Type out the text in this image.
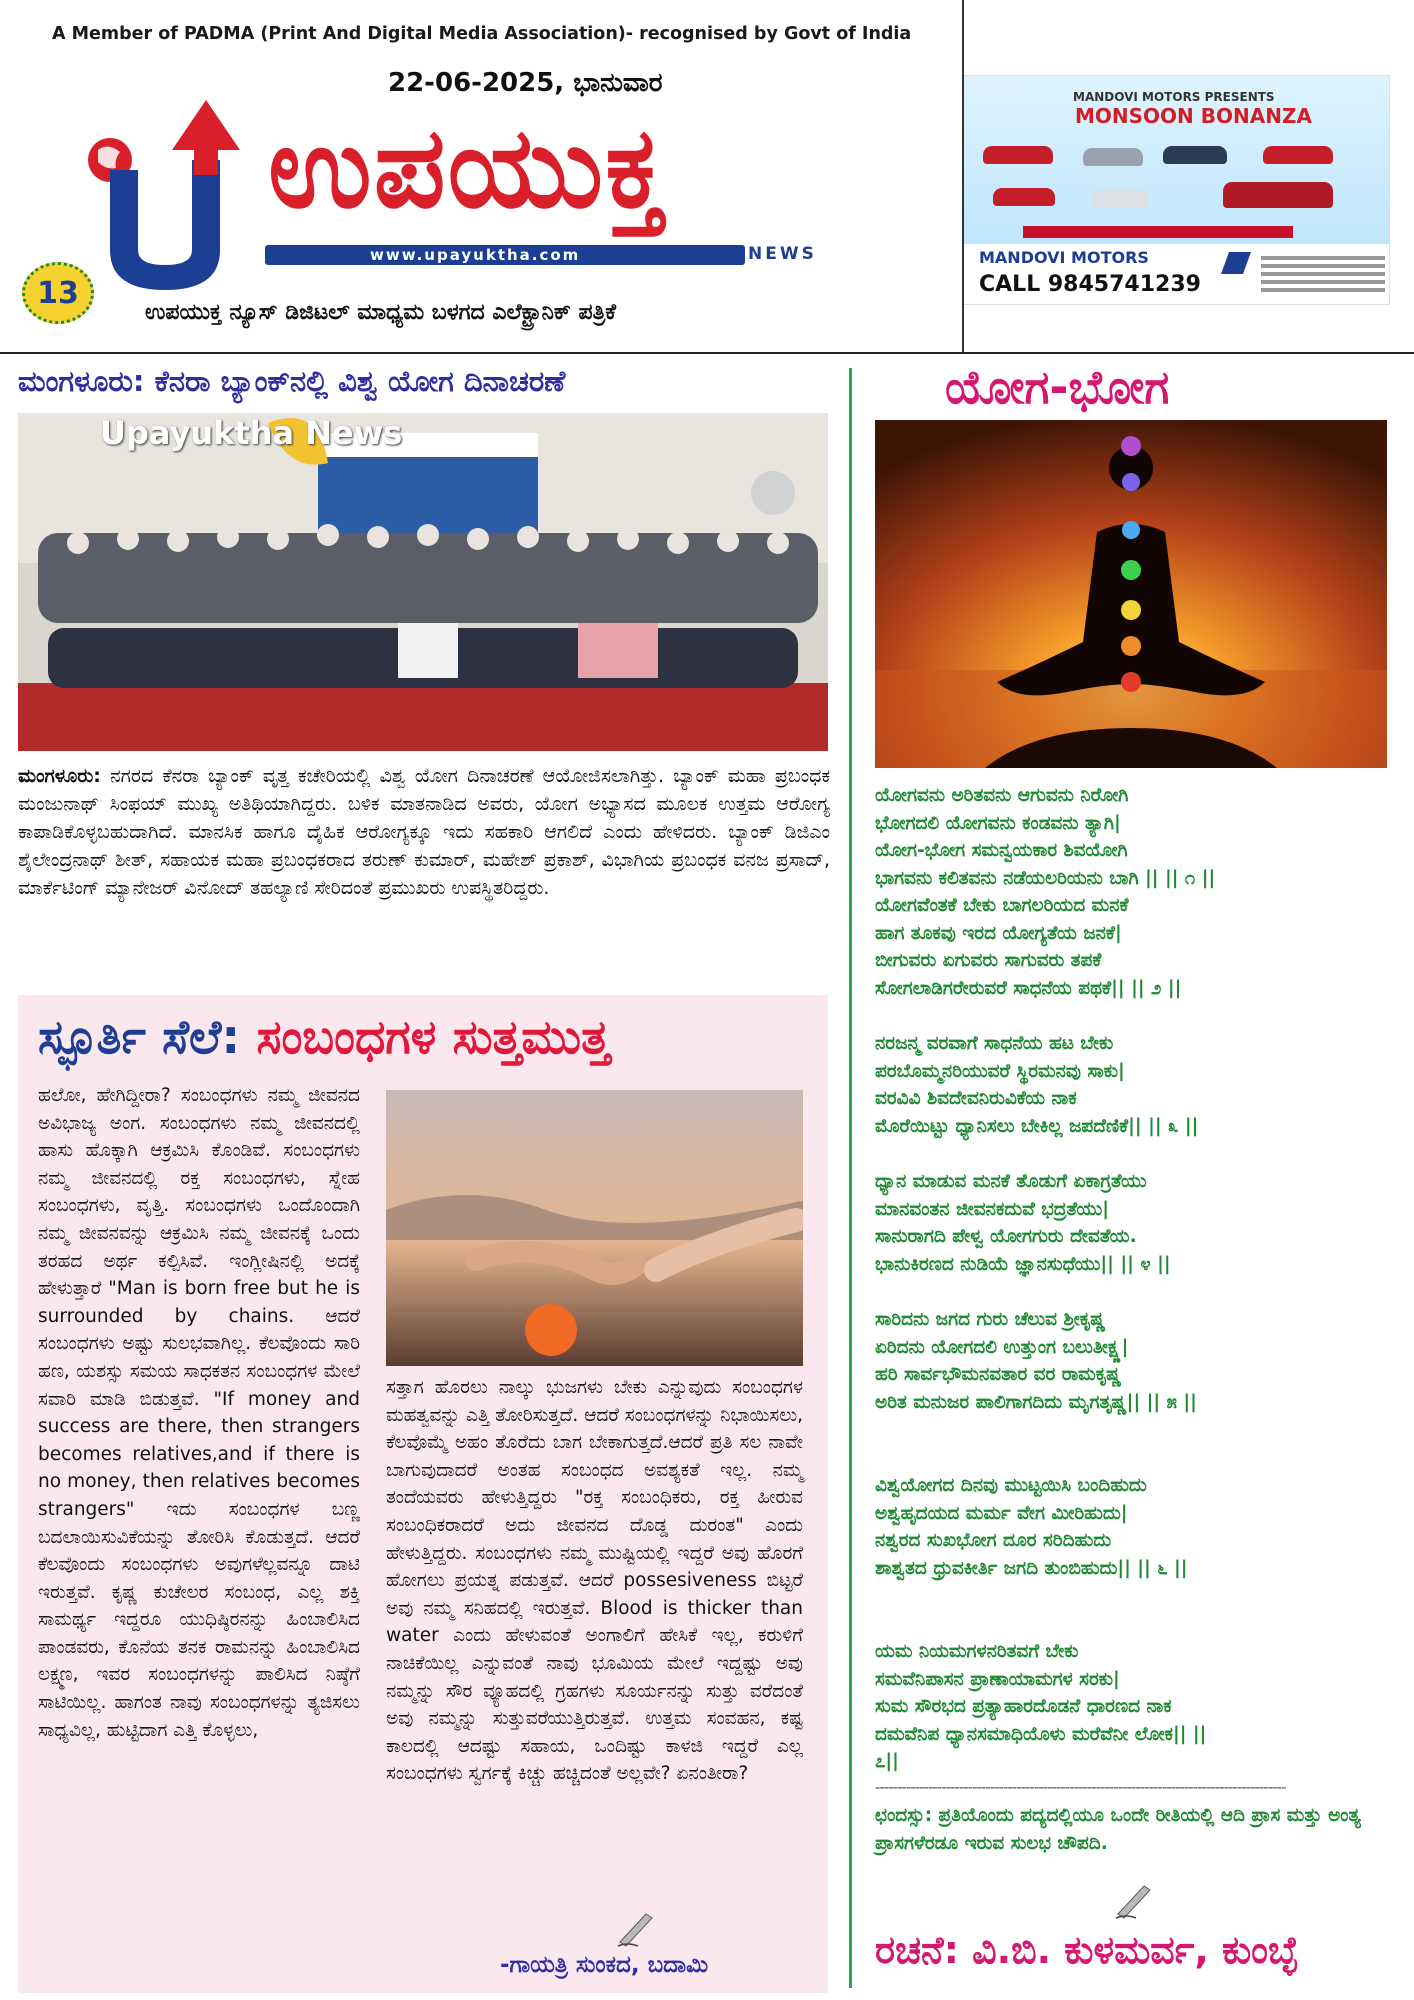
A Member of PADMA (Print And Digital Media Association)- recognised by Govt of India
22-06-2025, ಭಾನುವಾರ
ಉಪಯುಕ್ತ
www.upayuktha.com	NEWS
13
ಉಪಯುಕ್ತ ನ್ಯೂಸ್ ಡಿಜಿಟಲ್ ಮಾಧ್ಯಮ ಬಳಗದ ಎಲೆಕ್ಟ್ರಾನಿಕ್ ಪತ್ರಿಕೆ
MANDOVI MOTORS PRESENTS
MONSOON BONANZA
MANDOVI MOTORS
CALL 9845741239
ಮಂಗಳೂರು: ಕೆನರಾ ಬ್ಯಾಂಕ್‌ನಲ್ಲಿ ವಿಶ್ವ ಯೋಗ ದಿನಾಚರಣೆ
Upayuktha News

ಮಂಗಳೂರು: ನಗರದ ಕೆನರಾ ಬ್ಯಾಂಕ್ ವೃತ್ತ ಕಚೇರಿಯಲ್ಲಿ ವಿಶ್ವ ಯೋಗ ದಿನಾಚರಣೆ ಆಯೋಜಿಸಲಾಗಿತ್ತು. ಬ್ಯಾಂಕ್ ಮಹಾ ಪ್ರಬಂಧಕ ಮಂಜುನಾಥ್ ಸಿಂಫಯ್ ಮುಖ್ಯ ಅತಿಥಿಯಾಗಿದ್ದರು. ಬಳಿಕ ಮಾತನಾಡಿದ ಅವರು, ಯೋಗ ಅಭ್ಯಾಸದ ಮೂಲಕ ಉತ್ತಮ ಆರೋಗ್ಯ ಕಾಪಾಡಿಕೊಳ್ಳಬಹುದಾಗಿದೆ. ಮಾನಸಿಕ ಹಾಗೂ ದೈಹಿಕ ಆರೋಗ್ಯಕ್ಕೂ ಇದು ಸಹಕಾರಿ ಆಗಲಿದೆ ಎಂದು ಹೇಳಿದರು. ಬ್ಯಾಂಕ್ ಡಿಜಿಎಂ ಶೈಲೇಂದ್ರನಾಥ್ ಶೀತ್, ಸಹಾಯಕ ಮಹಾ ಪ್ರಬಂಧಕರಾದ ತರುಣ್ ಕುಮಾರ್, ಮಹೇಶ್ ಪ್ರಕಾಶ್, ವಿಭಾಗಿಯ ಪ್ರಬಂಧಕ ವನಜ ಪ್ರಸಾದ್, ಮಾರ್ಕೆಟಿಂಗ್ ಮ್ಯಾನೇಜರ್ ವಿನೋದ್ ತಹಲ್ಯಾಣಿ ಸೇರಿದಂತೆ ಪ್ರಮುಖರು ಉಪಸ್ಥಿತರಿದ್ದರು.

ಸ್ಫೂರ್ತಿ ಸೆಲೆ: ಸಂಬಂಧಗಳ ಸುತ್ತಮುತ್ತ
ಹಲೋ, ಹೇಗಿದ್ದೀರಾ? ಸಂಬಂಧಗಳು ನಮ್ಮ ಜೀವನದ ಅವಿಭಾಜ್ಯ ಅಂಗ. ಸಂಬಂಧಗಳು ನಮ್ಮ ಜೀವನದಲ್ಲಿ ಹಾಸು ಹೊಕ್ಕಾಗಿ ಆಕ್ರಮಿಸಿ ಕೊಂಡಿವೆ. ಸಂಬಂಧಗಳು ನಮ್ಮ ಜೀವನದಲ್ಲಿ ರಕ್ತ ಸಂಬಂಧಗಳು, ಸ್ನೇಹ ಸಂಬಂಧಗಳು, ವೃತ್ತಿ. ಸಂಬಂಧಗಳು ಒಂದೊಂದಾಗಿ ನಮ್ಮ ಜೀವನವನ್ನು ಆಕ್ರಮಿಸಿ ನಮ್ಮ ಜೀವನಕ್ಕೆ ಒಂದು ತರಹದ ಅರ್ಥ ಕಲ್ಪಿಸಿವೆ. ಇಂಗ್ಲೀಷಿನಲ್ಲಿ ಅದಕ್ಕೆ ಹೇಳುತ್ತಾರೆ "Man is born free but he is surrounded by chains. ಆದರೆ ಸಂಬಂಧಗಳು ಅಷ್ಟು ಸುಲಭವಾಗಿಲ್ಲ. ಕೆಲವೊಂದು ಸಾರಿ ಹಣ, ಯಶಸ್ಸು ಸಮಯ ಸಾಧಕತನ ಸಂಬಂಧಗಳ ಮೇಲೆ ಸವಾರಿ ಮಾಡಿ ಬಿಡುತ್ತವೆ. "If money and success are there, then strangers becomes relatives,and if there is no money, then relatives becomes strangers" ಇದು ಸಂಬಂಧಗಳ ಬಣ್ಣ ಬದಲಾಯಿಸುವಿಕೆಯನ್ನು ತೋರಿಸಿ ಕೊಡುತ್ತದೆ. ಆದರೆ ಕೆಲವೊಂದು ಸಂಬಂಧಗಳು ಅವುಗಳೆಲ್ಲವನ್ನೂ ದಾಟಿ ಇರುತ್ತವೆ. ಕೃಷ್ಣ ಕುಚೇಲರ ಸಂಬಂಧ, ಎಲ್ಲ ಶಕ್ತಿ ಸಾಮರ್ಥ್ಯ ಇದ್ದರೂ ಯುಧಿಷ್ಠಿರನನ್ನು ಹಿಂಬಾಲಿಸಿದ ಪಾಂಡವರು, ಕೊನೆಯ ತನಕ ರಾಮನನ್ನು ಹಿಂಬಾಲಿಸಿದ ಲಕ್ಷ್ಮಣ, ಇವರ ಸಂಬಂಧಗಳನ್ನು ಪಾಲಿಸಿದ ನಿಷ್ಠೆಗೆ ಸಾಟಿಯಿಲ್ಲ. ಹಾಗಂತ ನಾವು ಸಂಬಂಧಗಳನ್ನು ತ್ಯಜಿಸಲು ಸಾಧ್ಯವಿಲ್ಲ, ಹುಟ್ಟಿದಾಗ ಎತ್ತಿ ಕೊಳ್ಳಲು,
ಸತ್ತಾಗ ಹೊರಲು ನಾಲ್ಕು ಭುಜಗಳು ಬೇಕು ಎನ್ನುವುದು ಸಂಬಂಧಗಳ ಮಹತ್ವವನ್ನು ಎತ್ತಿ ತೋರಿಸುತ್ತದೆ. ಆದರೆ ಸಂಬಂಧಗಳನ್ನು ನಿಭಾಯಿಸಲು, ಕೆಲವೊಮ್ಮೆ ಅಹಂ ತೊರೆದು ಬಾಗ ಬೇಕಾಗುತ್ತದೆ.ಆದರೆ ಪ್ರತಿ ಸಲ ನಾವೇ ಬಾಗುವುದಾದರೆ ಅಂತಹ ಸಂಬಂಧದ ಅವಶ್ಯಕತೆ ಇಲ್ಲ. ನಮ್ಮ ತಂದೆಯವರು ಹೇಳುತ್ತಿದ್ದರು "ರಕ್ತ ಸಂಬಂಧಿಕರು, ರಕ್ತ ಹೀರುವ ಸಂಬಂಧಿಕರಾದರೆ ಅದು ಜೀವನದ ದೊಡ್ಡ ದುರಂತ" ಎಂದು ಹೇಳುತ್ತಿದ್ದರು. ಸಂಬಂಧಗಳು ನಮ್ಮ ಮುಷ್ಟಿಯಲ್ಲಿ ಇದ್ದರೆ ಅವು ಹೊರಗೆ ಹೋಗಲು ಪ್ರಯತ್ನ ಪಡುತ್ತವೆ. ಆದರೆ possesiveness ಬಿಟ್ಟರೆ ಅವು ನಮ್ಮ ಸನಿಹದಲ್ಲಿ ಇರುತ್ತವೆ. Blood is thicker than water ಎಂದು ಹೇಳುವಂತೆ ಅಂಗಾಲಿಗೆ ಹೇಸಿಕೆ ಇಲ್ಲ, ಕರುಳಿಗೆ ನಾಚಿಕೆಯಿಲ್ಲ ಎನ್ನುವಂತೆ ನಾವು ಭೂಮಿಯ ಮೇಲೆ ಇದ್ದಷ್ಟು ಅವು ನಮ್ಮನ್ನು ಸೌರ ವ್ಯೂಹದಲ್ಲಿ ಗ್ರಹಗಳು ಸೂರ್ಯನನ್ನು ಸುತ್ತು ವರೆದಂತೆ ಅವು ನಮ್ಮನ್ನು ಸುತ್ತುವರೆಯುತ್ತಿರುತ್ತವೆ. ಉತ್ತಮ ಸಂವಹನ, ಕಷ್ಟ ಕಾಲದಲ್ಲಿ ಆದಷ್ಟು ಸಹಾಯ, ಒಂದಿಷ್ಟು ಕಾಳಜಿ ಇದ್ದರೆ ಎಲ್ಲ ಸಂಬಂಧಗಳು ಸ್ವರ್ಗಕ್ಕೆ ಕಿಚ್ಚು ಹಚ್ಚಿದಂತೆ ಅಲ್ಲವೇ? ಏನಂತೀರಾ?
-ಗಾಯತ್ರಿ ಸುಂಕದ, ಬದಾಮಿ
ಯೋಗ-ಭೋಗ
ಯೋಗವನು ಅರಿತವನು ಆಗುವನು ನಿರೋಗಿ
ಭೋಗದಲಿ ಯೋಗವನು ಕಂಡವನು ತ್ಯಾಗಿ|
ಯೋಗ-ಭೋಗ ಸಮನ್ವಯಕಾರ ಶಿವಯೋಗಿ
ಭಾಗವನು ಕಲಿತವನು ನಡೆಯಲರಿಯನು ಬಾಗಿ || || ೧ ||
ಯೋಗವೆಂತಕೆ ಬೇಕು ಬಾಗಲರಿಯದ ಮನಕೆ
ಹಾಗ ತೂಕವು ಇರದ ಯೋಗ್ಯತೆಯ ಜನಕೆ|
ಬೀಗುವರು ಏಗುವರು ಸಾಗುವರು ತಪಕೆ
ಸೋಗಲಾಡಿಗರೇರುವರೆ ಸಾಧನೆಯ ಪಥಕೆ|| || ೨ ||
ನರಜನ್ಮ ವರವಾಗೆ ಸಾಧನೆಯ ಹಟ ಬೇಕು
ಪರಬೊಮ್ಮನರಿಯುವರೆ ಸ್ಥಿರಮನವು ಸಾಕು|
ವರವಿವಿ ಶಿವದೇವನಿರುವಿಕೆಯ ನಾಕ
ಮೊರೆಯಿಟ್ಟು ಧ್ಯಾನಿಸಲು ಬೇಕಿಲ್ಲ ಜಪದೆಣಿಕೆ|| || ೩ ||
ಧ್ಯಾನ ಮಾಡುವ ಮನಕೆ ತೊಡುಗೆ ಏಕಾಗ್ರತೆಯು
ಮಾನವಂತನ ಜೀವನಕದುವೆ ಭದ್ರತೆಯು|
ಸಾನುರಾಗದಿ ಪೇಳ್ವ ಯೋಗಗುರು ದೇವತೆಯ.
ಭಾನುಕಿರಣದ ನುಡಿಯೆ ಜ್ಞಾನಸುಧೆಯು|| || ೪ ||
ಸಾರಿದನು ಜಗದ ಗುರು ಚೆಲುವ ಶ್ರೀಕೃಷ್ಣ
ಏರಿದನು ಯೋಗದಲಿ ಉತ್ತುಂಗ ಬಲುತೀಕ್ಷ್ಣ|
ಹರಿ ಸಾರ್ವಭೌಮನವತಾರ ವರ ರಾಮಕೃಷ್ಣ
ಅರಿತ ಮನುಜರ ಪಾಲಿಗಾಗದಿದು ಮೃಗತೃಷ್ಣ|| || ೫ ||
ವಿಶ್ವಯೋಗದ ದಿನವು ಮುಟ್ಟಯಿಸಿ ಬಂದಿಹುದು
ಅಶ್ವಹೃದಯದ ಮರ್ಮ ವೇಗ ಮೀರಿಹುದು|
ನಶ್ವರದ ಸುಖಭೋಗ ದೂರ ಸರಿದಿಹುದು
ಶಾಶ್ವತದ ಧ್ರುವಕೀರ್ತಿ ಜಗದಿ ತುಂಬಿಹುದು|| || ೬ ||
ಯಮ ನಿಯಮಗಳನರಿತವಗೆ ಬೇಕು
ಸಮವೆನಿಪಾಸನ ಪ್ರಾಣಾಯಾಮಗಳ ಸರಕು|
ಸುಮ ಸೌರಭದ ಪ್ರತ್ಯಾಹಾರದೊಡನೆ ಧಾರಣದ ನಾಕ
ದಮವೆನಿಪ ಧ್ಯಾನಸಮಾಧಿಯೊಳು ಮರೆವೆನೀ ಲೋಕ|| ||
೭||
---------------------------------------------------------------------------------------------
ಛಂದಸ್ಸು: ಪ್ರತಿಯೊಂದು ಪದ್ಯದಲ್ಲಿಯೂ ಒಂದೇ ರೀತಿಯಲ್ಲಿ ಆದಿ ಪ್ರಾಸ ಮತ್ತು ಅಂತ್ಯ ಪ್ರಾಸಗಳೆರಡೂ ಇರುವ ಸುಲಭ ಚೌಪದಿ.
ರಚನೆ: ವಿ.ಬಿ. ಕುಳಮರ್ವ, ಕುಂಬ್ಳೆ
